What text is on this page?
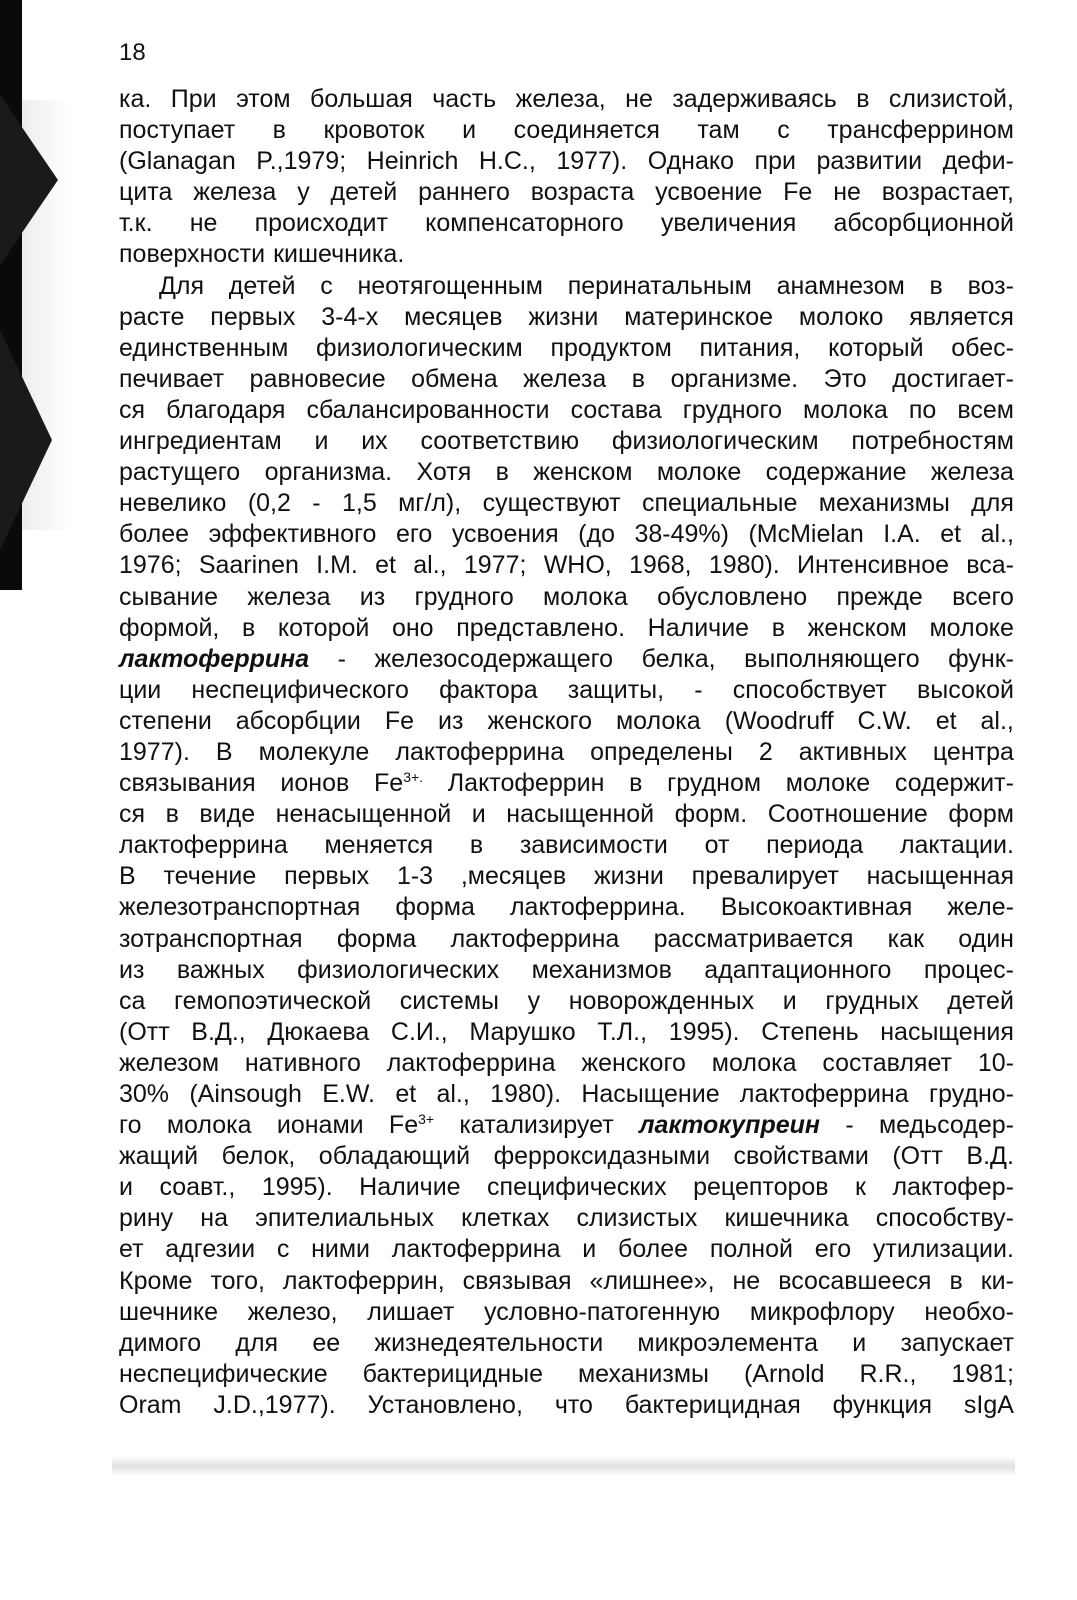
18
ка. При этом большая часть железа, не задерживаясь в слизистой,
поступает в кровоток и соединяется там с трансферрином
(Glanagan P.,1979; Heinrich H.C., 1977). Однако при развитии дефи-
цита железа у детей раннего возраста усвоение Fe не возрастает,
т.к. не происходит компенсаторного увеличения абсорбционной
поверхности кишечника.
Для детей с неотягощенным перинатальным анамнезом в воз-
расте первых 3-4-х месяцев жизни материнское молоко является
единственным физиологическим продуктом питания, который обес-
печивает равновесие обмена железа в организме. Это достигает-
ся благодаря сбалансированности состава грудного молока по всем
ингредиентам и их соответствию физиологическим потребностям
растущего организма. Хотя в женском молоке содержание железа
невелико (0,2 - 1,5 мг/л), существуют специальные механизмы для
более эффективного его усвоения (до 38-49%) (McMielan I.A. et al.,
1976; Saarinen I.M. et al., 1977; WHO, 1968, 1980). Интенсивное вса-
сывание железа из грудного молока обусловлено прежде всего
формой, в которой оно представлено. Наличие в женском молоке
лактоферрина - железосодержащего белка, выполняющего функ-
ции неспецифического фактора защиты, - способствует высокой
степени абсорбции Fe из женского молока (Woodruff C.W. et al.,
1977). В молекуле лактоферрина определены 2 активных центра
связывания ионов $Fe^{3+.}$ Лактоферрин в грудном молоке содержит-
ся в виде ненасыщенной и насыщенной форм. Соотношение форм
лактоферрина меняется в зависимости от периода лактации.
В течение первых 1-3 ,месяцев жизни превалирует насыщенная
железотранспортная форма лактоферрина. Высокоактивная желе-
зотранспортная форма лактоферрина рассматривается как один
из важных физиологических механизмов адаптационного процес-
са гемопоэтической системы у новорожденных и грудных детей
(Отт В.Д., Дюкаева С.И., Марушко Т.Л., 1995). Степень насыщения
железом нативного лактоферрина женского молока составляет 10-
30% (Ainsough E.W. et al., 1980). Насыщение лактоферрина грудно-
го молока ионами $Fe^{3+}$ катализирует лактокупреин - медьсодер-
жащий белок, обладающий ферроксидазными свойствами (Отт В.Д.
и соавт., 1995). Наличие специфических рецепторов к лактофер-
рину на эпителиальных клетках слизистых кишечника способству-
ет адгезии с ними лактоферрина и более полной его утилизации.
Кроме того, лактоферрин, связывая «лишнее», не всосавшееся в ки-
шечнике железо, лишает условно-патогенную микрофлору необхо-
димого для ее жизнедеятельности микроэлемента и запускает
неспецифические бактерицидные механизмы (Arnold R.R., 1981;
Oram J.D.,1977). Установлено, что бактерицидная функция sIgA
